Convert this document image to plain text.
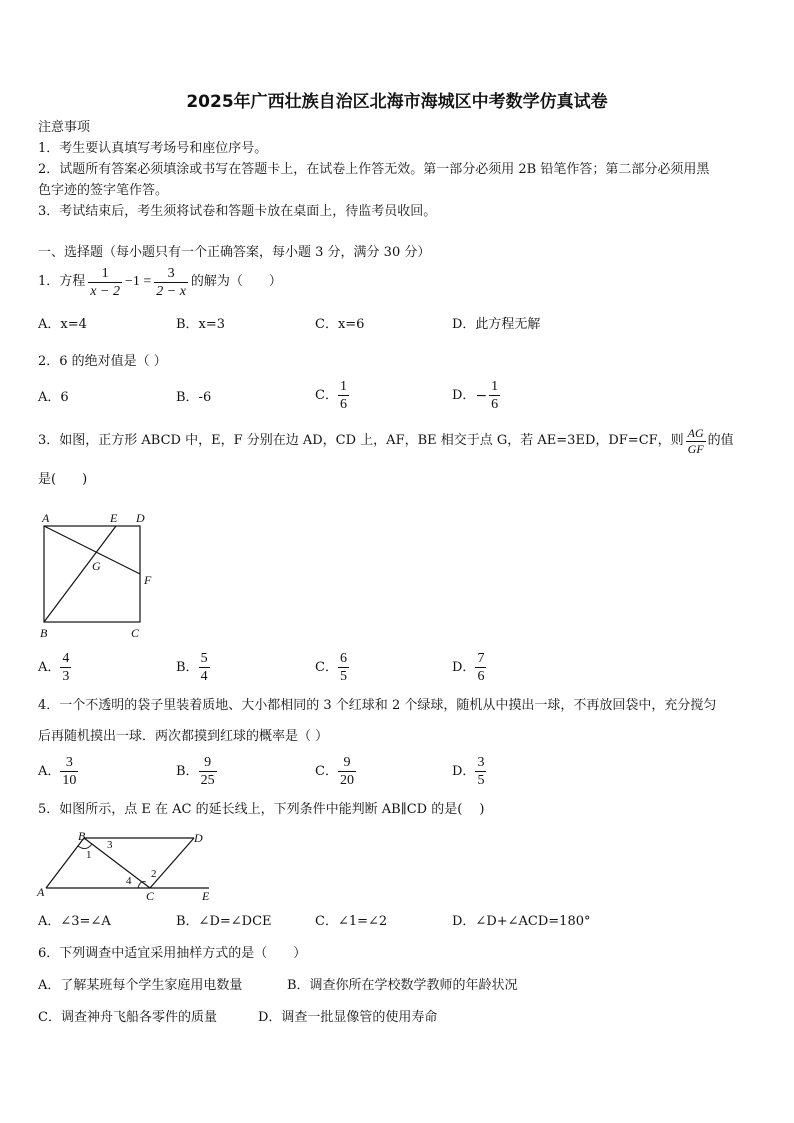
2025年广西壮族自治区北海市海城区中考数学仿真试卷
注意事项
1．考生要认真填写考场号和座位序号。
2．试题所有答案必须填涂或书写在答题卡上，在试卷上作答无效。第一部分必须用 2B 铅笔作答；第二部分必须用黑
色字迹的签字笔作答。
3．考试结束后，考生须将试卷和答题卡放在桌面上，待监考员收回。
一、选择题（每小题只有一个正确答案，每小题 3 分，满分 30 分）
1．方程 $\frac{1}{x - 2} -1 = \frac{3}{2 - x}$ 的解为（　　）
A．x=4	B．x=3	C．x=6	D．此方程无解
2．6 的绝对值是（ ）
A．6	B．-6	C． $\frac{1}{6}$	D． − $\frac{1}{6}$
3．如图，正方形 ABCD 中，E，F 分别在边 AD，CD 上，AF，BE 相交于点 G，若 AE=3ED，DF=CF，则 $\frac{AG}{GF}$ 的值
是(　　)
A	E D
G
F
B	C
A． $\frac{4}{3}$	B． $\frac{5}{4}$	C． $\frac{6}{5}$	D． $\frac{7}{6}$
4．一个不透明的袋子里装着质地、大小都相同的 3 个红球和 2 个绿球，随机从中摸出一球，不再放回袋中，充分搅匀
后再随机摸出一球．两次都摸到红球的概率是（ ）
A． $\frac{3}{10}$	B． $\frac{9}{25}$	C． $\frac{9}{20}$	D． $\frac{3}{5}$
5．如图所示，点 E 在 AC 的延长线上，下列条件中能判断 AB∥CD 的是(　 )
B	D
A	C	E
1
3
2
4
A．∠3=∠A	B．∠D=∠DCE	C．∠1=∠2	D．∠D+∠ACD=180°
6．下列调查中适宜采用抽样方式的是（　　）
A．了解某班每个学生家庭用电数量	B．调查你所在学校数学教师的年龄状况
C．调查神舟飞船各零件的质量	D．调查一批显像管的使用寿命
